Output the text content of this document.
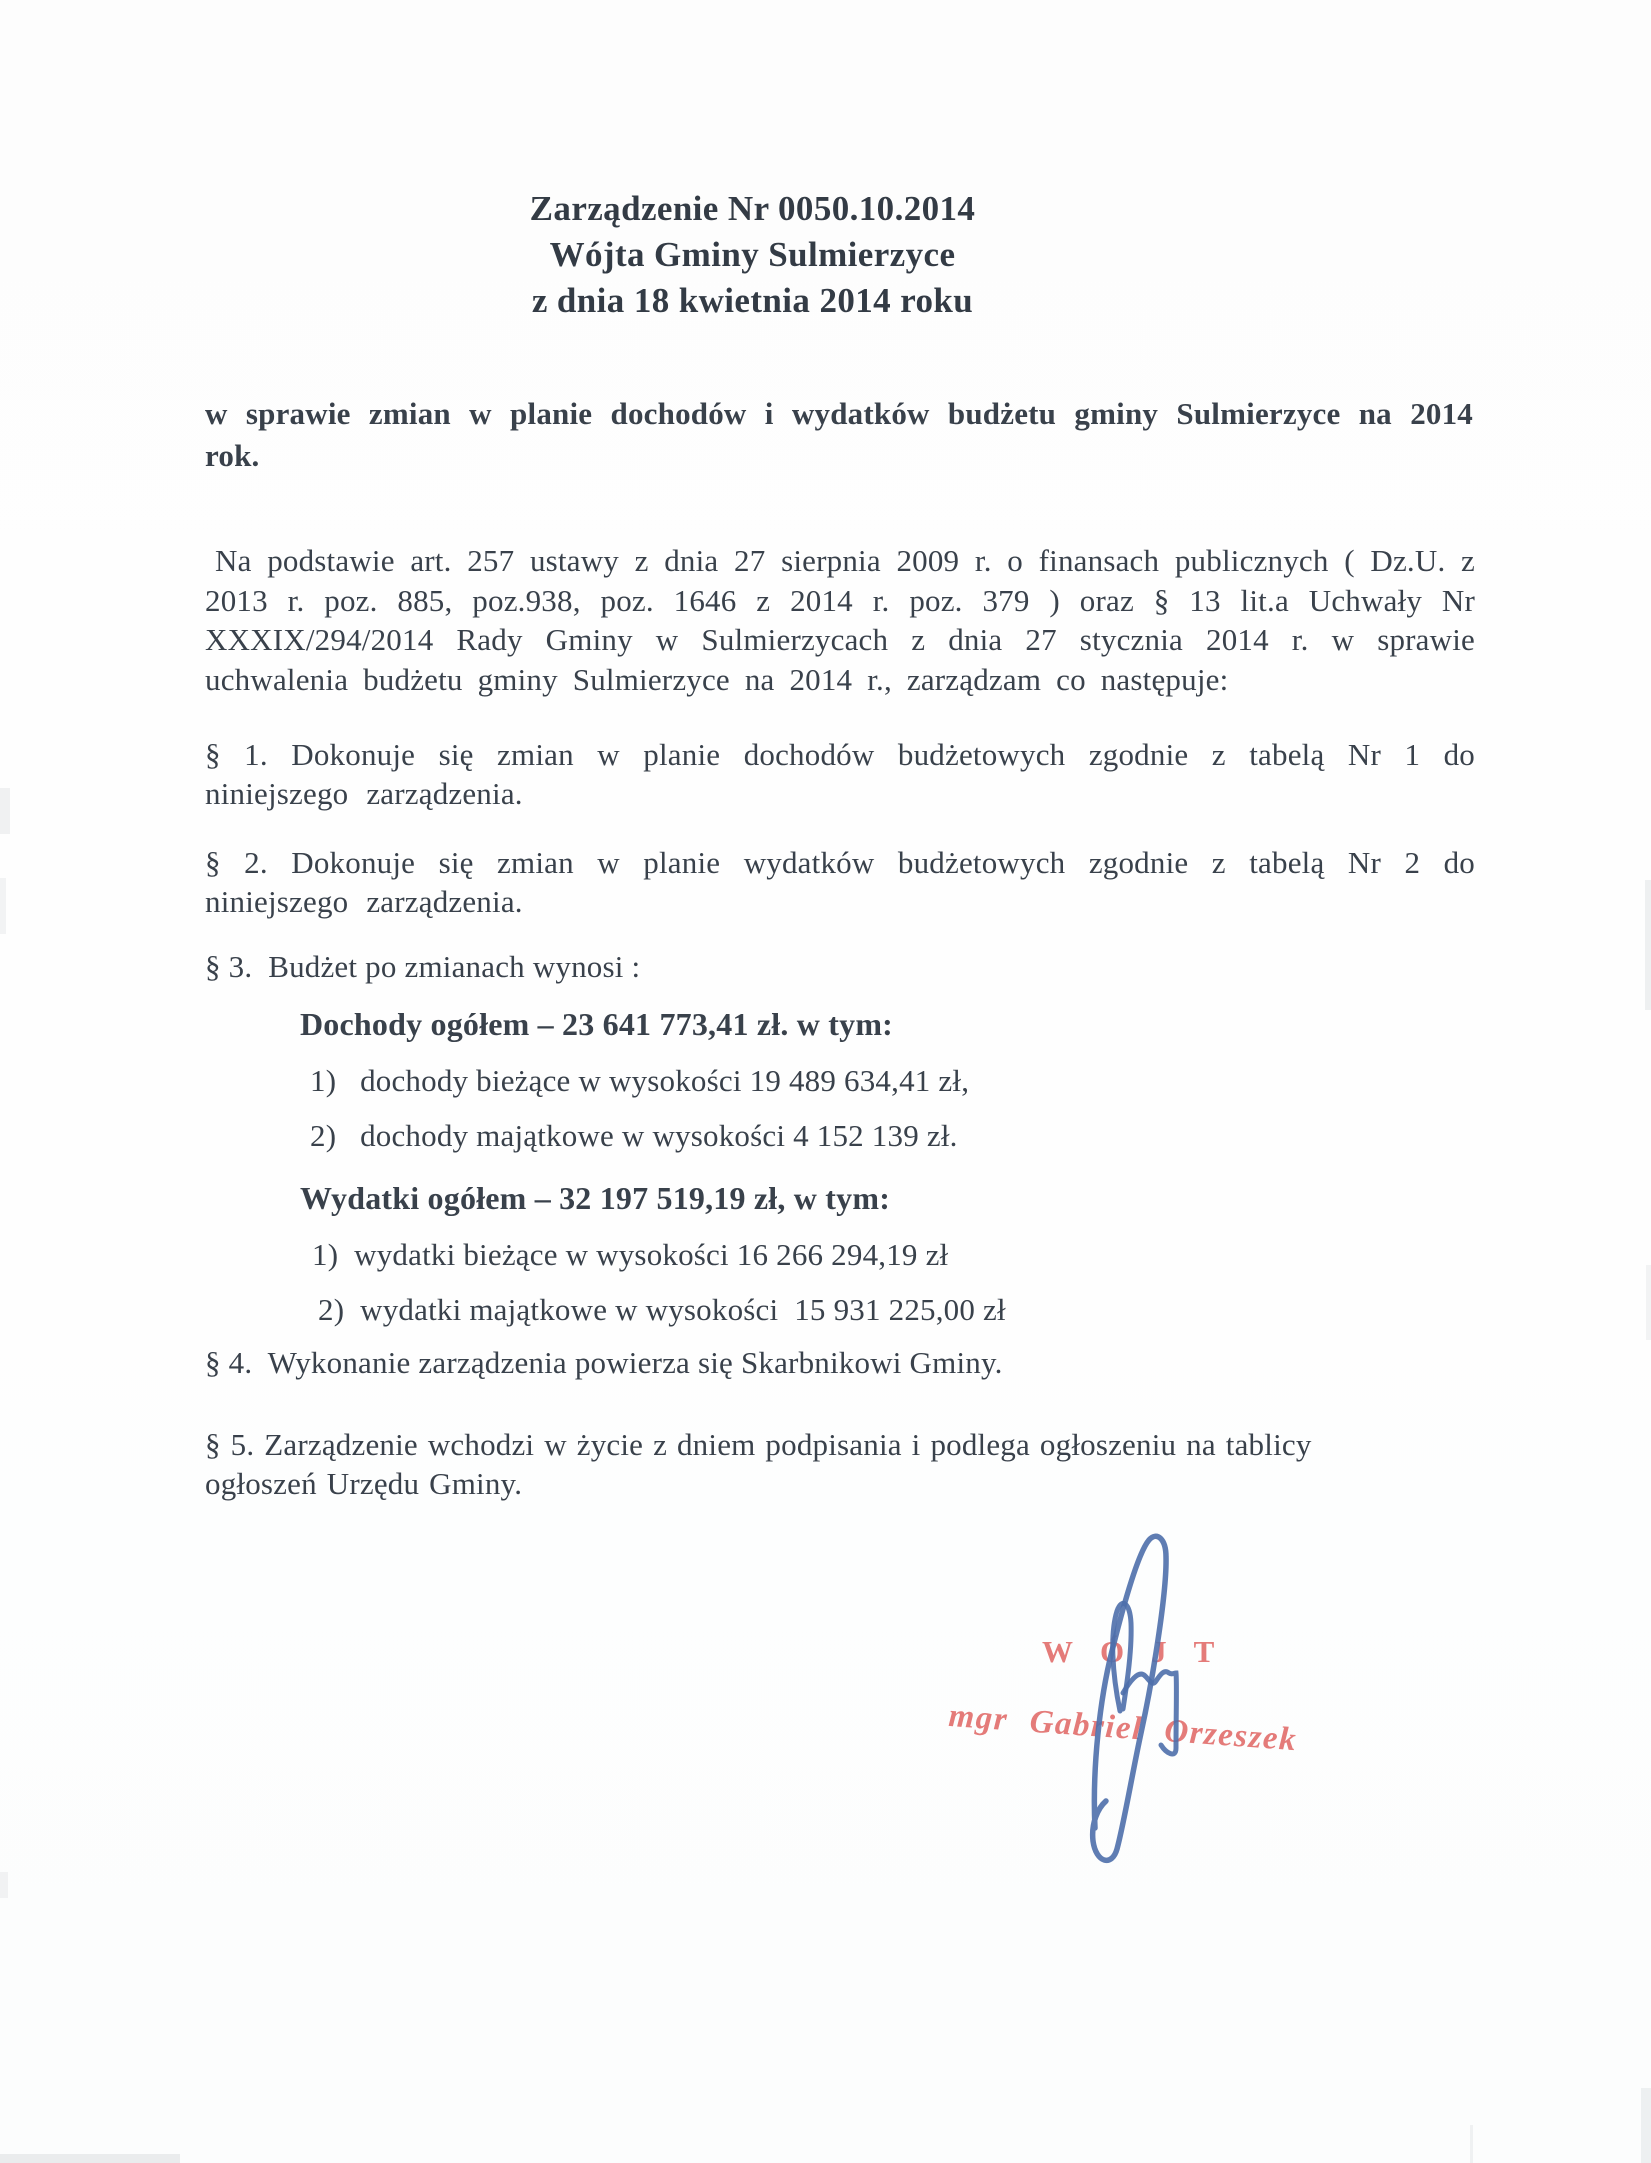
Zarządzenie Nr 0050.10.2014
Wójta Gminy Sulmierzyce
z dnia 18 kwietnia 2014 roku
w sprawie zmian w planie dochodów i wydatków budżetu gminy Sulmierzyce na 2014 rok.
Na podstawie art. 257 ustawy z dnia 27 sierpnia 2009 r. o finansach publicznych ( Dz.U. z 2013 r. poz. 885, poz.938, poz. 1646 z 2014 r. poz. 379 ) oraz § 13 lit.a Uchwały Nr XXXIX/294/2014 Rady Gminy w Sulmierzycach z dnia 27 stycznia 2014 r. w sprawie uchwalenia budżetu gminy Sulmierzyce na 2014 r., zarządzam co następuje:
§ 1. Dokonuje się zmian w planie dochodów budżetowych zgodnie z tabelą Nr 1 do niniejszego zarządzenia.
§ 2. Dokonuje się zmian w planie wydatków budżetowych zgodnie z tabelą Nr 2 do niniejszego zarządzenia.
§ 3.  Budżet po zmianach wynosi :
Dochody ogółem – 23 641 773,41 zł. w tym:
1)   dochody bieżące w wysokości 19 489 634,41 zł,
2)   dochody majątkowe w wysokości 4 152 139 zł.
Wydatki ogółem – 32 197 519,19 zł, w tym:
1)  wydatki bieżące w wysokości 16 266 294,19 zł
2)  wydatki majątkowe w wysokości  15 931 225,00 zł
§ 4.  Wykonanie zarządzenia powierza się Skarbnikowi Gminy.
§ 5. Zarządzenie wchodzi w życie z dniem podpisania i podlega ogłoszeniu na tablicy ogłoszeń Urzędu Gminy.
WÓJT
mgr Gabriel Orzeszek
